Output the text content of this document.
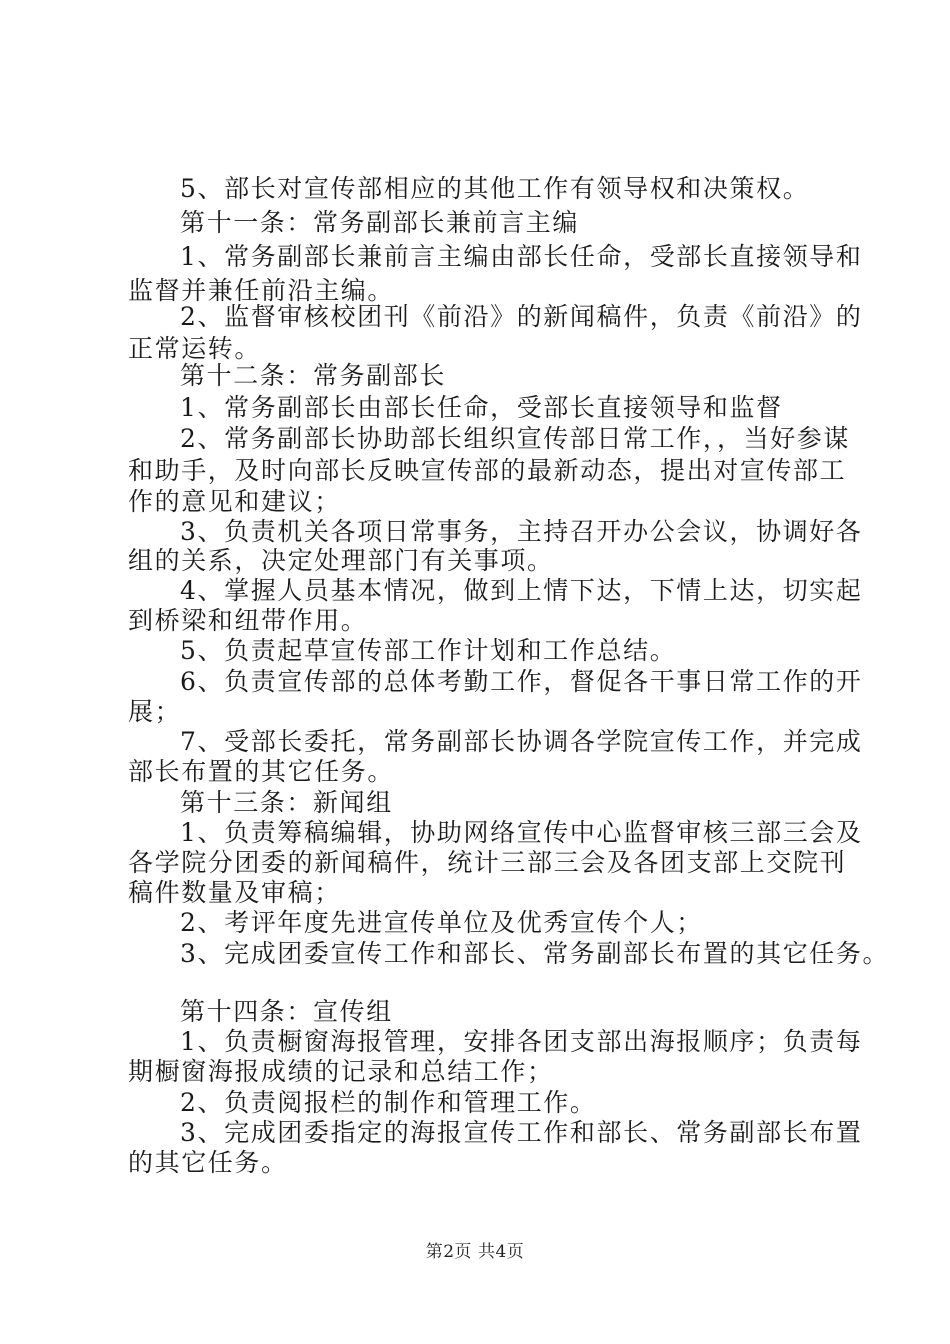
5、部长对宣传部相应的其他工作有领导权和决策权。
第十一条：常务副部长兼前言主编
1、常务副部长兼前言主编由部长任命，受部长直接领导和
监督并兼任前沿主编。
2、监督审核校团刊《前沿》的新闻稿件，负责《前沿》的
正常运转。
第十二条：常务副部长
1、常务副部长由部长任命，受部长直接领导和监督
2、常务副部长协助部长组织宣传部日常工作，，当好参谋
和助手，及时向部长反映宣传部的最新动态，提出对宣传部工
作的意见和建议；
3、负责机关各项日常事务，主持召开办公会议，协调好各
组的关系，决定处理部门有关事项。
4、掌握人员基本情况，做到上情下达，下情上达，切实起
到桥梁和纽带作用。
5、负责起草宣传部工作计划和工作总结。
6、负责宣传部的总体考勤工作，督促各干事日常工作的开
展；
7、受部长委托，常务副部长协调各学院宣传工作，并完成
部长布置的其它任务。
第十三条：新闻组
1、负责筹稿编辑，协助网络宣传中心监督审核三部三会及
各学院分团委的新闻稿件，统计三部三会及各团支部上交院刊
稿件数量及审稿；
2、考评年度先进宣传单位及优秀宣传个人；
3、完成团委宣传工作和部长、常务副部长布置的其它任务。
第十四条：宣传组
1、负责橱窗海报管理，安排各团支部出海报顺序；负责每
期橱窗海报成绩的记录和总结工作；
2、负责阅报栏的制作和管理工作。
3、完成团委指定的海报宣传工作和部长、常务副部长布置
的其它任务。
第2页 共4页
